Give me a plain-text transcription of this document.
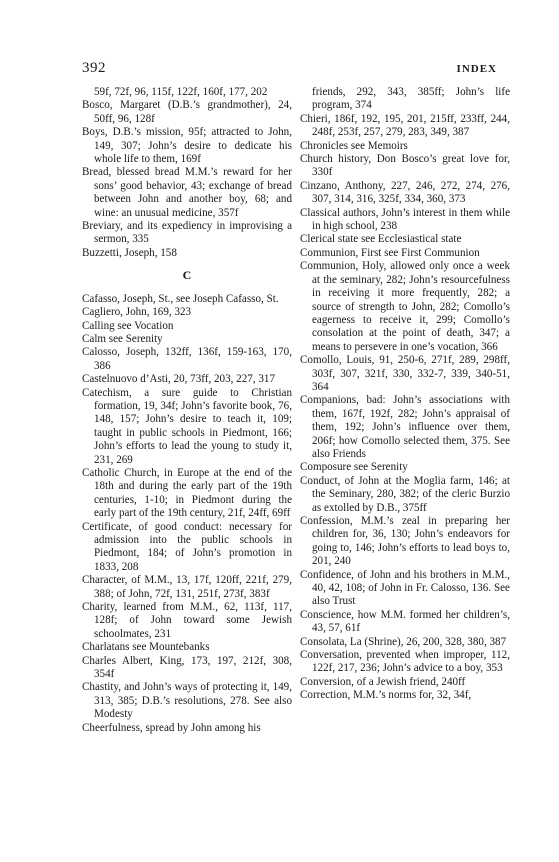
392	INDEX
59f, 72f, 96, 115f, 122f, 160f, 177, 202
Bosco, Margaret (D.B.’s grandmother), 24, 50ff, 96, 128f
Boys, D.B.’s mission, 95f; attracted to John, 149, 307; John’s desire to dedicate his whole life to them, 169f
Bread, blessed bread M.M.’s reward for her sons’ good behavior, 43; exchange of bread between John and another boy, 68; and wine: an unusual medicine, 357f
Breviary, and its expediency in improvising a sermon, 335
Buzzetti, Joseph, 158
C
Cafasso, Joseph, St., see Joseph Cafasso, St.
Cagliero, John, 169, 323
Calling see Vocation
Calm see Serenity
Calosso, Joseph, 132ff, 136f, 159-163, 170, 386
Castelnuovo d’Asti, 20, 73ff, 203, 227, 317
Catechism, a sure guide to Christian formation, 19, 34f; John’s favorite book, 76, 148, 157; John’s desire to teach it, 109; taught in public schools in Piedmont, 166; John’s efforts to lead the young to study it, 231, 269
Catholic Church, in Europe at the end of the 18th and during the early part of the 19th centuries, 1-10; in Piedmont during the early part of the 19th century, 21f, 24ff, 69ff
Certificate, of good conduct: necessary for admission into the public schools in Piedmont, 184; of John’s promotion in 1833, 208
Character, of M.M., 13, 17f, 120ff, 221f, 279, 388; of John, 72f, 131, 251f, 273f, 383f
Charity, learned from M.M., 62, 113f, 117, 128f; of John toward some Jewish schoolmates, 231
Charlatans see Mountebanks
Charles Albert, King, 173, 197, 212f, 308, 354f
Chastity, and John’s ways of protecting it, 149, 313, 385; D.B.’s resolutions, 278. See also Modesty
Cheerfulness, spread by John among his
friends, 292, 343, 385ff; John’s life program, 374
Chieri, 186f, 192, 195, 201, 215ff, 233ff, 244, 248f, 253f, 257, 279, 283, 349, 387
Chronicles see Memoirs
Church history, Don Bosco’s great love for, 330f
Cinzano, Anthony, 227, 246, 272, 274, 276, 307, 314, 316, 325f, 334, 360, 373
Classical authors, John’s interest in them while in high school, 238
Clerical state see Ecclesiastical state
Communion, First see First Communion
Communion, Holy, allowed only once a week at the seminary, 282; John’s resourcefulness in receiving it more frequently, 282; a source of strength to John, 282; Comollo’s eagerness to receive it, 299; Comollo’s consolation at the point of death, 347; a means to persevere in one’s vocation, 366
Comollo, Louis, 91, 250-6, 271f, 289, 298ff, 303f, 307, 321f, 330, 332-7, 339, 340-51, 364
Companions, bad: John’s associations with them, 167f, 192f, 282; John’s appraisal of them, 192; John’s influence over them, 206f; how Comollo selected them, 375. See also Friends
Composure see Serenity
Conduct, of John at the Moglia farm, 146; at the Seminary, 280, 382; of the cleric Burzio as extolled by D.B., 375ff
Confession, M.M.’s zeal in preparing her children for, 36, 130; John’s endeavors for going to, 146; John’s efforts to lead boys to, 201, 240
Confidence, of John and his brothers in M.M., 40, 42, 108; of John in Fr. Calosso, 136. See also Trust
Conscience, how M.M. formed her children’s, 43, 57, 61f
Consolata, La (Shrine), 26, 200, 328, 380, 387
Conversation, prevented when improper, 112, 122f, 217, 236; John’s advice to a boy, 353
Conversion, of a Jewish friend, 240ff
Correction, M.M.’s norms for, 32, 34f,
